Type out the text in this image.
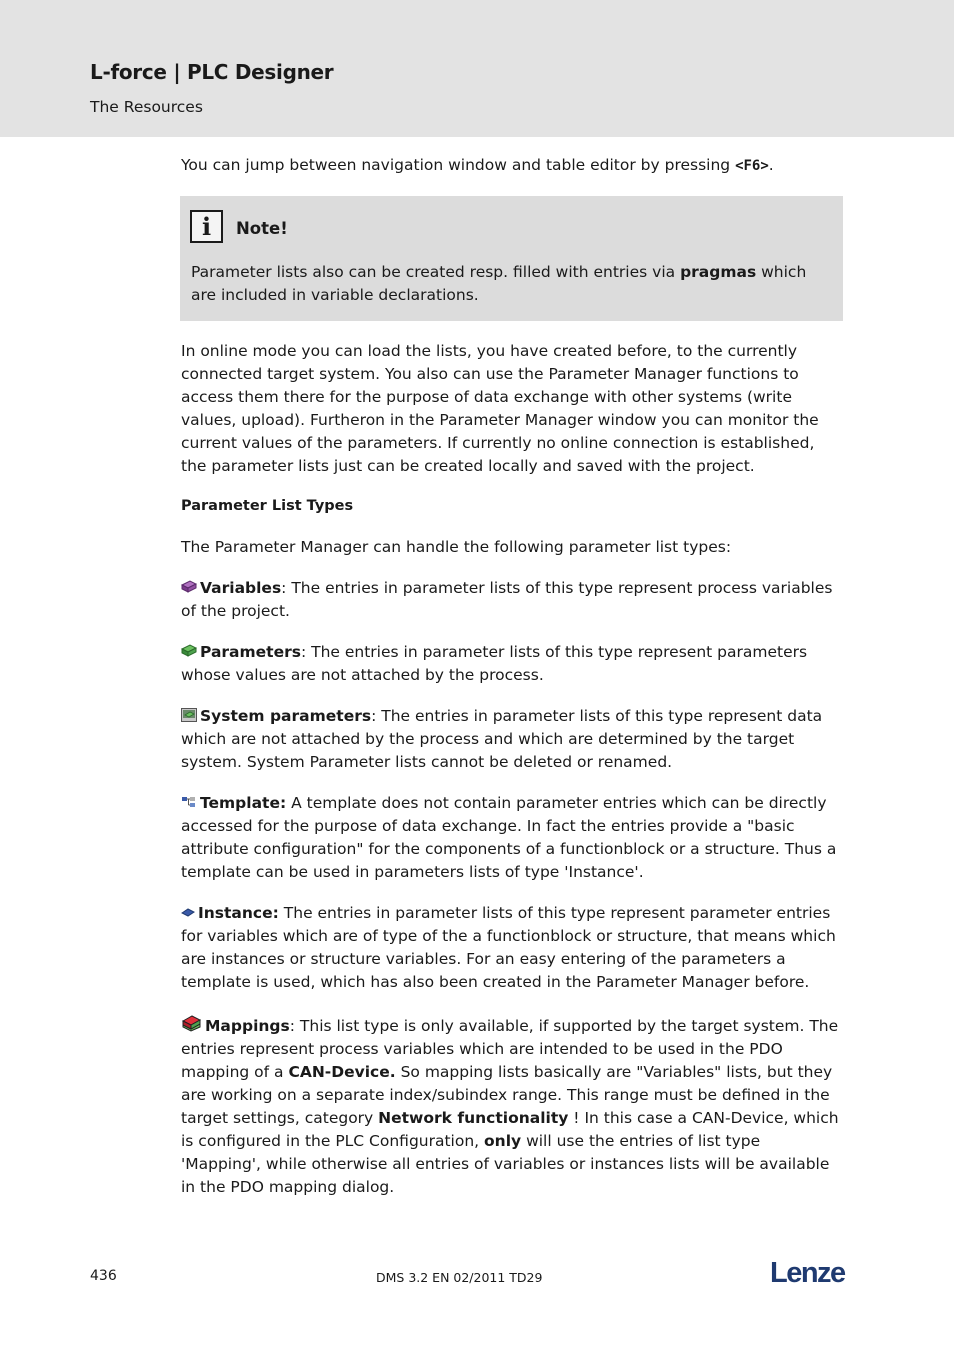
L-force | PLC Designer
The Resources
You can jump between navigation window and table editor by pressing <F6>.
i	Note!
Parameter lists also can be created resp. filled with entries via pragmas which are included in variable declarations.
In online mode you can load the lists, you have created before, to the currently connected target system. You also can use the Parameter Manager functions to access them there for the purpose of data exchange with other systems (write values, upload). Furtheron in the Parameter Manager window you can monitor the current values of the parameters. If currently no online connection is established, the parameter lists just can be created locally and saved with the project.
Parameter List Types
The Parameter Manager can handle the following parameter list types:
Variables: The entries in parameter lists of this type represent process variables of the project.
Parameters: The entries in parameter lists of this type represent parameters whose values are not attached by the process.
System parameters: The entries in parameter lists of this type represent data which are not attached by the process and which are determined by the target system. System Parameter lists cannot be deleted or renamed.
Template: A template does not contain parameter entries which can be directly accessed for the purpose of data exchange. In fact the entries provide a "basic attribute configuration" for the components of a functionblock or a structure. Thus a template can be used in parameters lists of type 'Instance'.
Instance: The entries in parameter lists of this type represent parameter entries for variables which are of type of the a functionblock or structure, that means which are instances or structure variables. For an easy entering of the parameters a template is used, which has also been created in the Parameter Manager before.
Mappings: This list type is only available, if supported by the target system. The entries represent process variables which are intended to be used in the PDO mapping of a CAN-Device. So mapping lists basically are "Variables" lists, but they are working on a separate index/subindex range. This range must be defined in the target settings, category Network functionality ! In this case a CAN-Device, which is configured in the PLC Configuration, only will use the entries of list type 'Mapping', while otherwise all entries of variables or instances lists will be available in the PDO mapping dialog.
436	DMS 3.2 EN 02/2011 TD29	Lenze
